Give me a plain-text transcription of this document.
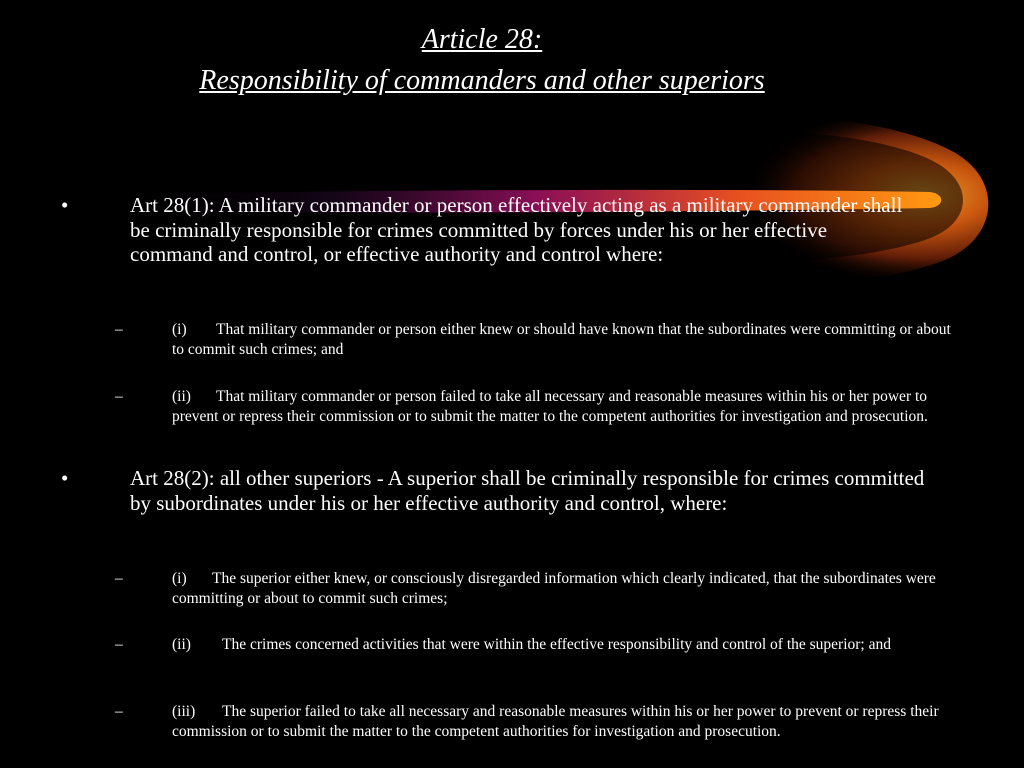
Article 28:
Responsibility of commanders and other superiors
•	Art 28(1): A military commander or person effectively acting as a military commander shall be criminally responsible for crimes committed by forces under his or her effective command and control, or effective authority and control where:
–	(i) That military commander or person either knew or should have known that the subordinates were committing or about to commit such crimes; and
–	(ii) That military commander or person failed to take all necessary and reasonable measures within his or her power to prevent or repress their commission or to submit the matter to the competent authorities for investigation and prosecution.
•	Art 28(2): all other superiors - A superior shall be criminally responsible for crimes committed by subordinates under his or her effective authority and control, where:
–	(i) The superior either knew, or consciously disregarded information which clearly indicated, that the subordinates were committing or about to commit such crimes;
–	(ii) The crimes concerned activities that were within the effective responsibility and control of the superior; and
–	(iii) The superior failed to take all necessary and reasonable measures within his or her power to prevent or repress their commission or to submit the matter to the competent authorities for investigation and prosecution.
